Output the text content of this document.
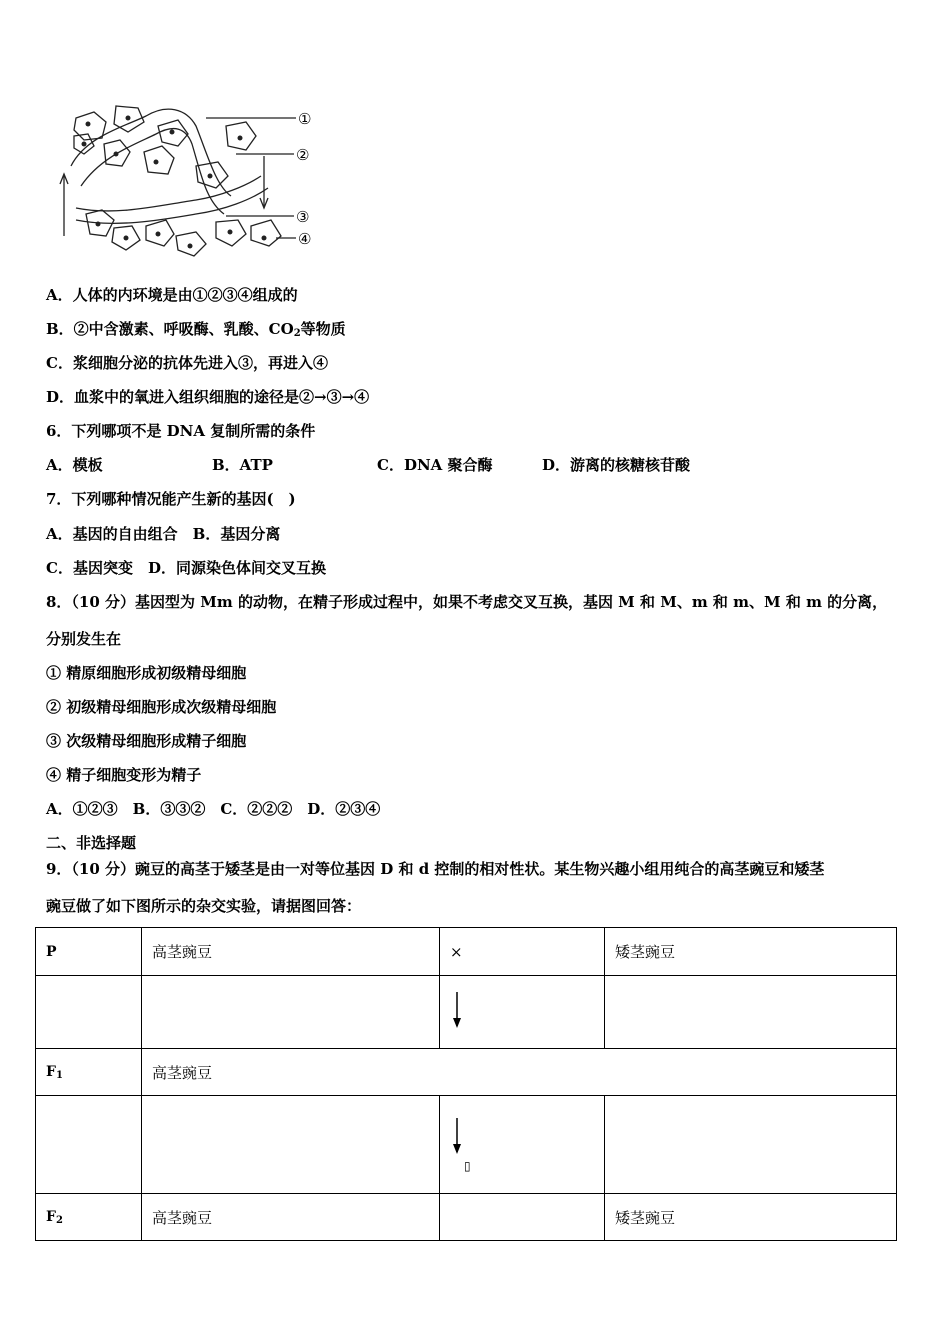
①
②
③
④
A．人体的内环境是由①②③④组成的
B．②中含激素、呼吸酶、乳酸、$CO_2$等物质
C．浆细胞分泌的抗体先进入③，再进入④
D．血浆中的氧进入组织细胞的途径是②→③→④
6．下列哪项不是 DNA 复制所需的条件
A．模板	B．ATP	C．DNA 聚合酶	D．游离的核糖核苷酸
7．下列哪种情况能产生新的基因(　)
A．基因的自由组合　B．基因分离
C．基因突变　D．同源染色体间交叉互换
8．（10 分）基因型为 Mm 的动物，在精子形成过程中，如果不考虑交叉互换，基因 M 和 M、m 和 m、M 和 m 的分离，
分别发生在
① 精原细胞形成初级精母细胞
② 初级精母细胞形成次级精母细胞
③ 次级精母细胞形成精子细胞
④ 精子细胞变形为精子
A．①②③　B．③③②　C．②②②　D．②③④
二、非选择题
9．（10 分）豌豆的高茎于矮茎是由一对等位基因 D 和 d 控制的相对性状。某生物兴趣小组用纯合的高茎豌豆和矮茎
豌豆做了如下图所示的杂交实验，请据图回答：
P	高茎豌豆	×	矮茎豌豆

$F_1$	高茎豌豆		
		$_▯$	
$F_2$	高茎豌豆		矮茎豌豆
